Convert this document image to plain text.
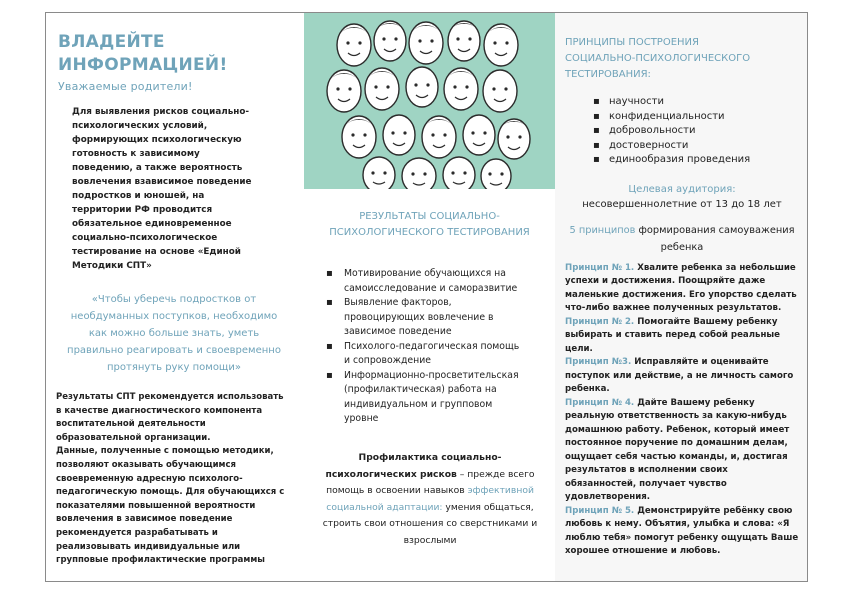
ВЛАДЕЙТЕ
ИНФОРМАЦИЕЙ!
Уважаемые родители!
Для выявления рисков социально-
психологических условий,
формирующих психологическую
готовность к зависимому
поведению, а также вероятность
вовлечения взависимое поведение
подростков и юношей, на
территории РФ проводится
обязательное единовременное
социально-психологическое
тестирование на основе «Единой
Методики СПТ»
«Чтобы уберечь подростков от
необдуманных поступков, необходимо
как можно больше знать, уметь
правильно реагировать и своевременно
протянуть руку помощи»
Результаты СПТ рекомендуется использовать
в качестве диагностического компонента
воспитательной деятельности
образовательной организации.
Данные, полученные с помощью методики,
позволяют оказывать обучающимся
своевременную адресную психолого-
педагогическую помощь. Для обучающихся с
показателями повышенной вероятности
вовлечения в зависимое поведение
рекомендуется разрабатывать и
реализовывать индивидуальные или
групповые профилактические программы
РЕЗУЛЬТАТЫ СОЦИАЛЬНО-
ПСИХОЛОГИЧЕСКОГО ТЕСТИРОВАНИЯ
▪ Мотивирование обучающихся на
самоисследование и саморазвитие
▪ Выявление факторов,
провоцирующих вовлечение в
зависимое поведение
▪ Психолого-педагогическая помощь
и сопровождение
▪ Информационно-просветительская
(профилактическая) работа на
индивидуальном и групповом
уровне
Профилактика социально-
психологических рисков – прежде всего
помощь в освоении навыков эффективной
социальной адаптации: умения общаться,
строить свои отношения со сверстниками и
взрослыми
ПРИНЦИПЫ ПОСТРОЕНИЯ
СОЦИАЛЬНО-ПСИХОЛОГИЧЕСКОГО
ТЕСТИРОВАНИЯ:
▪ научности
▪ конфиденциальности
▪ добровольности
▪ достоверности
▪ единообразия проведения
Целевая аудитория:
несовершеннолетние от 13 до 18 лет
5 принципов формирования самоуважения
ребенка

Принцип № 1. Хвалите ребенка за небольшие

успехи и достижения. Поощряйте даже

маленькие достижения. Его упорство сделать

что-либо важнее полученных результатов.

Принцип № 2. Помогайте Вашему ребенку

выбирать и ставить перед собой реальные

цели.

Принцип №3. Исправляйте и оценивайте

поступок или действие, а не личность самого

ребенка.

Принцип № 4. Дайте Вашему ребенку

реальную ответственность за какую-нибудь

домашнюю работу. Ребенок, который имеет

постоянное поручение по домашним делам,

ощущает себя частью команды, и, достигая

результатов в исполнении своих

обязанностей, получает чувство

удовлетворения.

Принцип № 5. Демонстрируйте ребёнку свою

любовь к нему. Объятия, улыбка и слова: «Я

люблю тебя» помогут ребенку ощущать Ваше

хорошее отношение и любовь.
